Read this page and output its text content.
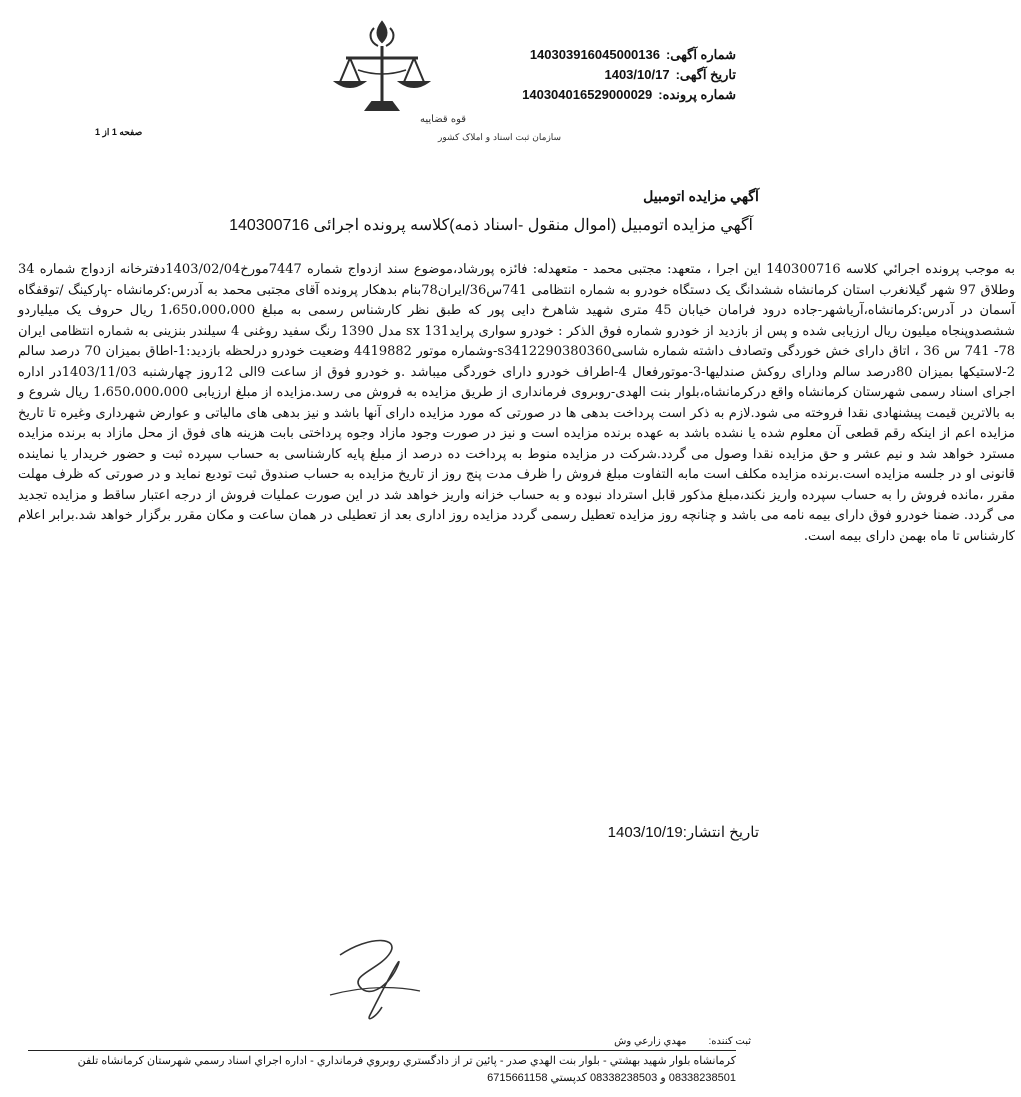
شماره آگهی:140303916045000136
تاریخ آگهی:1403/10/17
شماره پرونده:140304016529000029
صفحه 1 از 1
قوه قضاییه
سازمان ثبت اسناد و املاک کشور
آگهي مزايده اتومبيل
آگهي مزايده اتومبيل (اموال منقول -اسناد ذمه)كلاسه پرونده اجرائی 140300716
به موجب پرونده اجرائي كلاسه 140300716 اين اجرا ، متعهد: مجتبی محمد - متعهدله: فائزه پورشاد،موضوع سند ازدواج شماره 7447مورخ1403/02/04دفترخانه ازدواج شماره 34 وطلاق 97 شهر گیلانغرب استان کرمانشاه ششدانگ یک دستگاه خودرو به شماره انتظامی 741س36/ایران78بنام بدهکار پرونده آقای مجتبی محمد به آدرس:کرمانشاه -پارکینگ /توقفگاه آسمان در آدرس:کرمانشاه،آریاشهر-جاده درود فرامان خیابان 45 متری شهید شاهرخ دایی پور که طبق نظر کارشناس رسمی به مبلغ 1،650،000،000 ریال حروف یک میلیاردو ششصدوپنجاه میلیون ریال ارزیابی شده و پس از بازدید از خودرو شماره فوق الذکر : خودرو سواری پراید131 sx مدل 1390 رنگ سفید روغنی 4 سیلندر بنزینی به شماره انتظامی ایران 78- 741 س 36 ، اتاق دارای خش خوردگی وتصادف داشته شماره شاسیs3412290380360-وشماره موتور 4419882 وضعیت خودرو درلحظه بازدید:1-اطاق بمیزان 70 درصد سالم 2-لاستیکها بمیزان 80درصد سالم ودارای روکش صندلیها-3-موتورفعال 4-اطراف خودرو دارای خوردگی میباشد .و خودرو فوق از ساعت 9الی 12روز چهارشنبه 1403/11/03در اداره اجرای اسناد رسمی شهرستان کرمانشاه واقع درکرمانشاه،بلوار بنت الهدی-روبروی فرمانداری از طریق مزایده به فروش می رسد.مزایده از مبلغ ارزیابی 1،650،000،000 ریال شروع و به بالاترین قیمت پیشنهادی نقدا فروخته می شود.لازم به ذکر است پرداخت بدهی ها در صورتی که مورد مزایده دارای آنها باشد و نیز بدهی های مالیاتی و عوارض شهرداری وغیره تا تاریخ مزایده اعم از اینکه رقم قطعی آن معلوم شده یا نشده باشد به عهده برنده مزایده است و نیز در صورت وجود مازاد وجوه پرداختی بابت هزینه های فوق از محل مازاد به برنده مزایده مسترد خواهد شد و نیم عشر و حق مزایده نقدا وصول می گردد.شرکت در مزایده منوط به پرداخت ده درصد از مبلغ پایه کارشناسی به حساب سپرده ثبت و حضور خریدار یا نماینده قانونی او در جلسه مزایده است.برنده مزایده مکلف است مابه التفاوت مبلغ فروش را ظرف مدت پنج روز از تاریخ مزایده به حساب صندوق ثبت تودیع نماید و در صورتی که ظرف مهلت مقرر ،مانده فروش را به حساب سپرده واریز نکند،مبلغ مذکور قابل استرداد نبوده و به حساب خزانه واریز خواهد شد در این صورت عملیات فروش از درجه اعتبار ساقط و مزایده تجدید می گردد. ضمنا خودرو فوق دارای بیمه نامه می باشد و چنانچه روز مزایده تعطیل رسمی گردد مزایده روز اداری بعد از تعطیلی در همان ساعت و مکان مقرر برگزار خواهد شد.برابر اعلام کارشناس تا ماه بهمن دارای بیمه است.
تاریخ انتشار:1403/10/19
ثبت كننده:مهدي زارعي وش
كرمانشاه بلوار شهيد بهشتي - بلوار بنت الهدي صدر - پائين تر از دادگستري روبروي فرمانداري - اداره اجراي اسناد رسمي شهرستان كرمانشاه تلفن
08338238501 و 08338238503 كدپستي 6715661158
